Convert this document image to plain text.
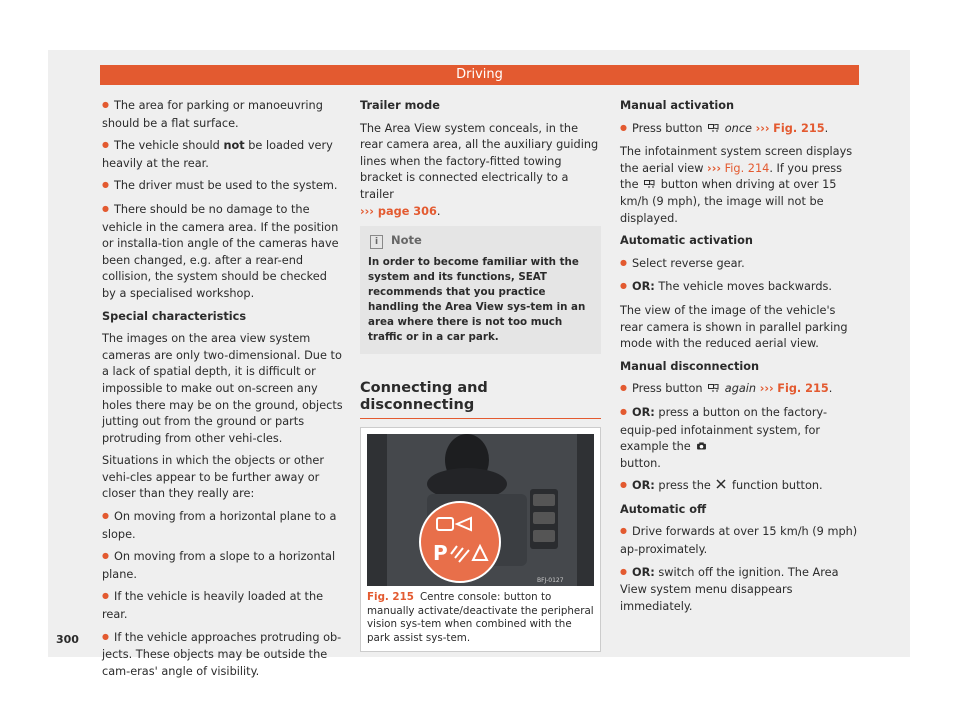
Driving

● The area for parking or manoeuvring should be a flat surface.

● The vehicle should not be loaded very heavily at the rear.

● The driver must be used to the system.

● There should be no damage to the vehicle in the camera area. If the position or installa-tion angle of the cameras have been changed, e.g. after a rear-end collision, the system should be checked by a specialised workshop.

Special characteristics

The images on the area view system cameras are only two-dimensional. Due to a lack of spatial depth, it is difficult or impossible to make out on-screen any holes there may be on the ground, objects jutting out from the ground or parts protruding from other vehi-cles.

Situations in which the objects or other vehi-cles appear to be further away or closer than they really are:

● On moving from a horizontal plane to a slope.

● On moving from a slope to a horizontal plane.

● If the vehicle is heavily loaded at the rear.

● If the vehicle approaches protruding ob-jects. These objects may be outside the cam-eras' angle of visibility.

Trailer mode

The Area View system conceals, in the rear camera area, all the auxiliary guiding lines when the factory-fitted towing bracket is connected electrically to a trailer
››› page 306.

i Note
In order to become familiar with the system and its functions, SEAT recommends that you practice handling the Area View sys-tem in an area where there is not too much traffic or in a car park.
Connecting and disconnecting
P
BFJ-0127
Fig. 215 Centre console: button to manually activate/deactivate the peripheral vision sys-tem when combined with the park assist sys-tem.

Manual activation

● Press button once ››› Fig. 215.

The infotainment system screen displays the aerial view ››› Fig. 214. If you press the button when driving at over 15 km/h (9 mph), the image will not be displayed.

Automatic activation

● Select reverse gear.

● OR: The vehicle moves backwards.

The view of the image of the vehicle's rear camera is shown in parallel parking mode with the reduced aerial view.

Manual disconnection

● Press button again ››› Fig. 215.

● OR: press a button on the factory-equip-ped infotainment system, for example the
button.

● OR: press the function button.

Automatic off

● Drive forwards at over 15 km/h (9 mph) ap-proximately.

● OR: switch off the ignition. The Area View system menu disappears immediately.

300
